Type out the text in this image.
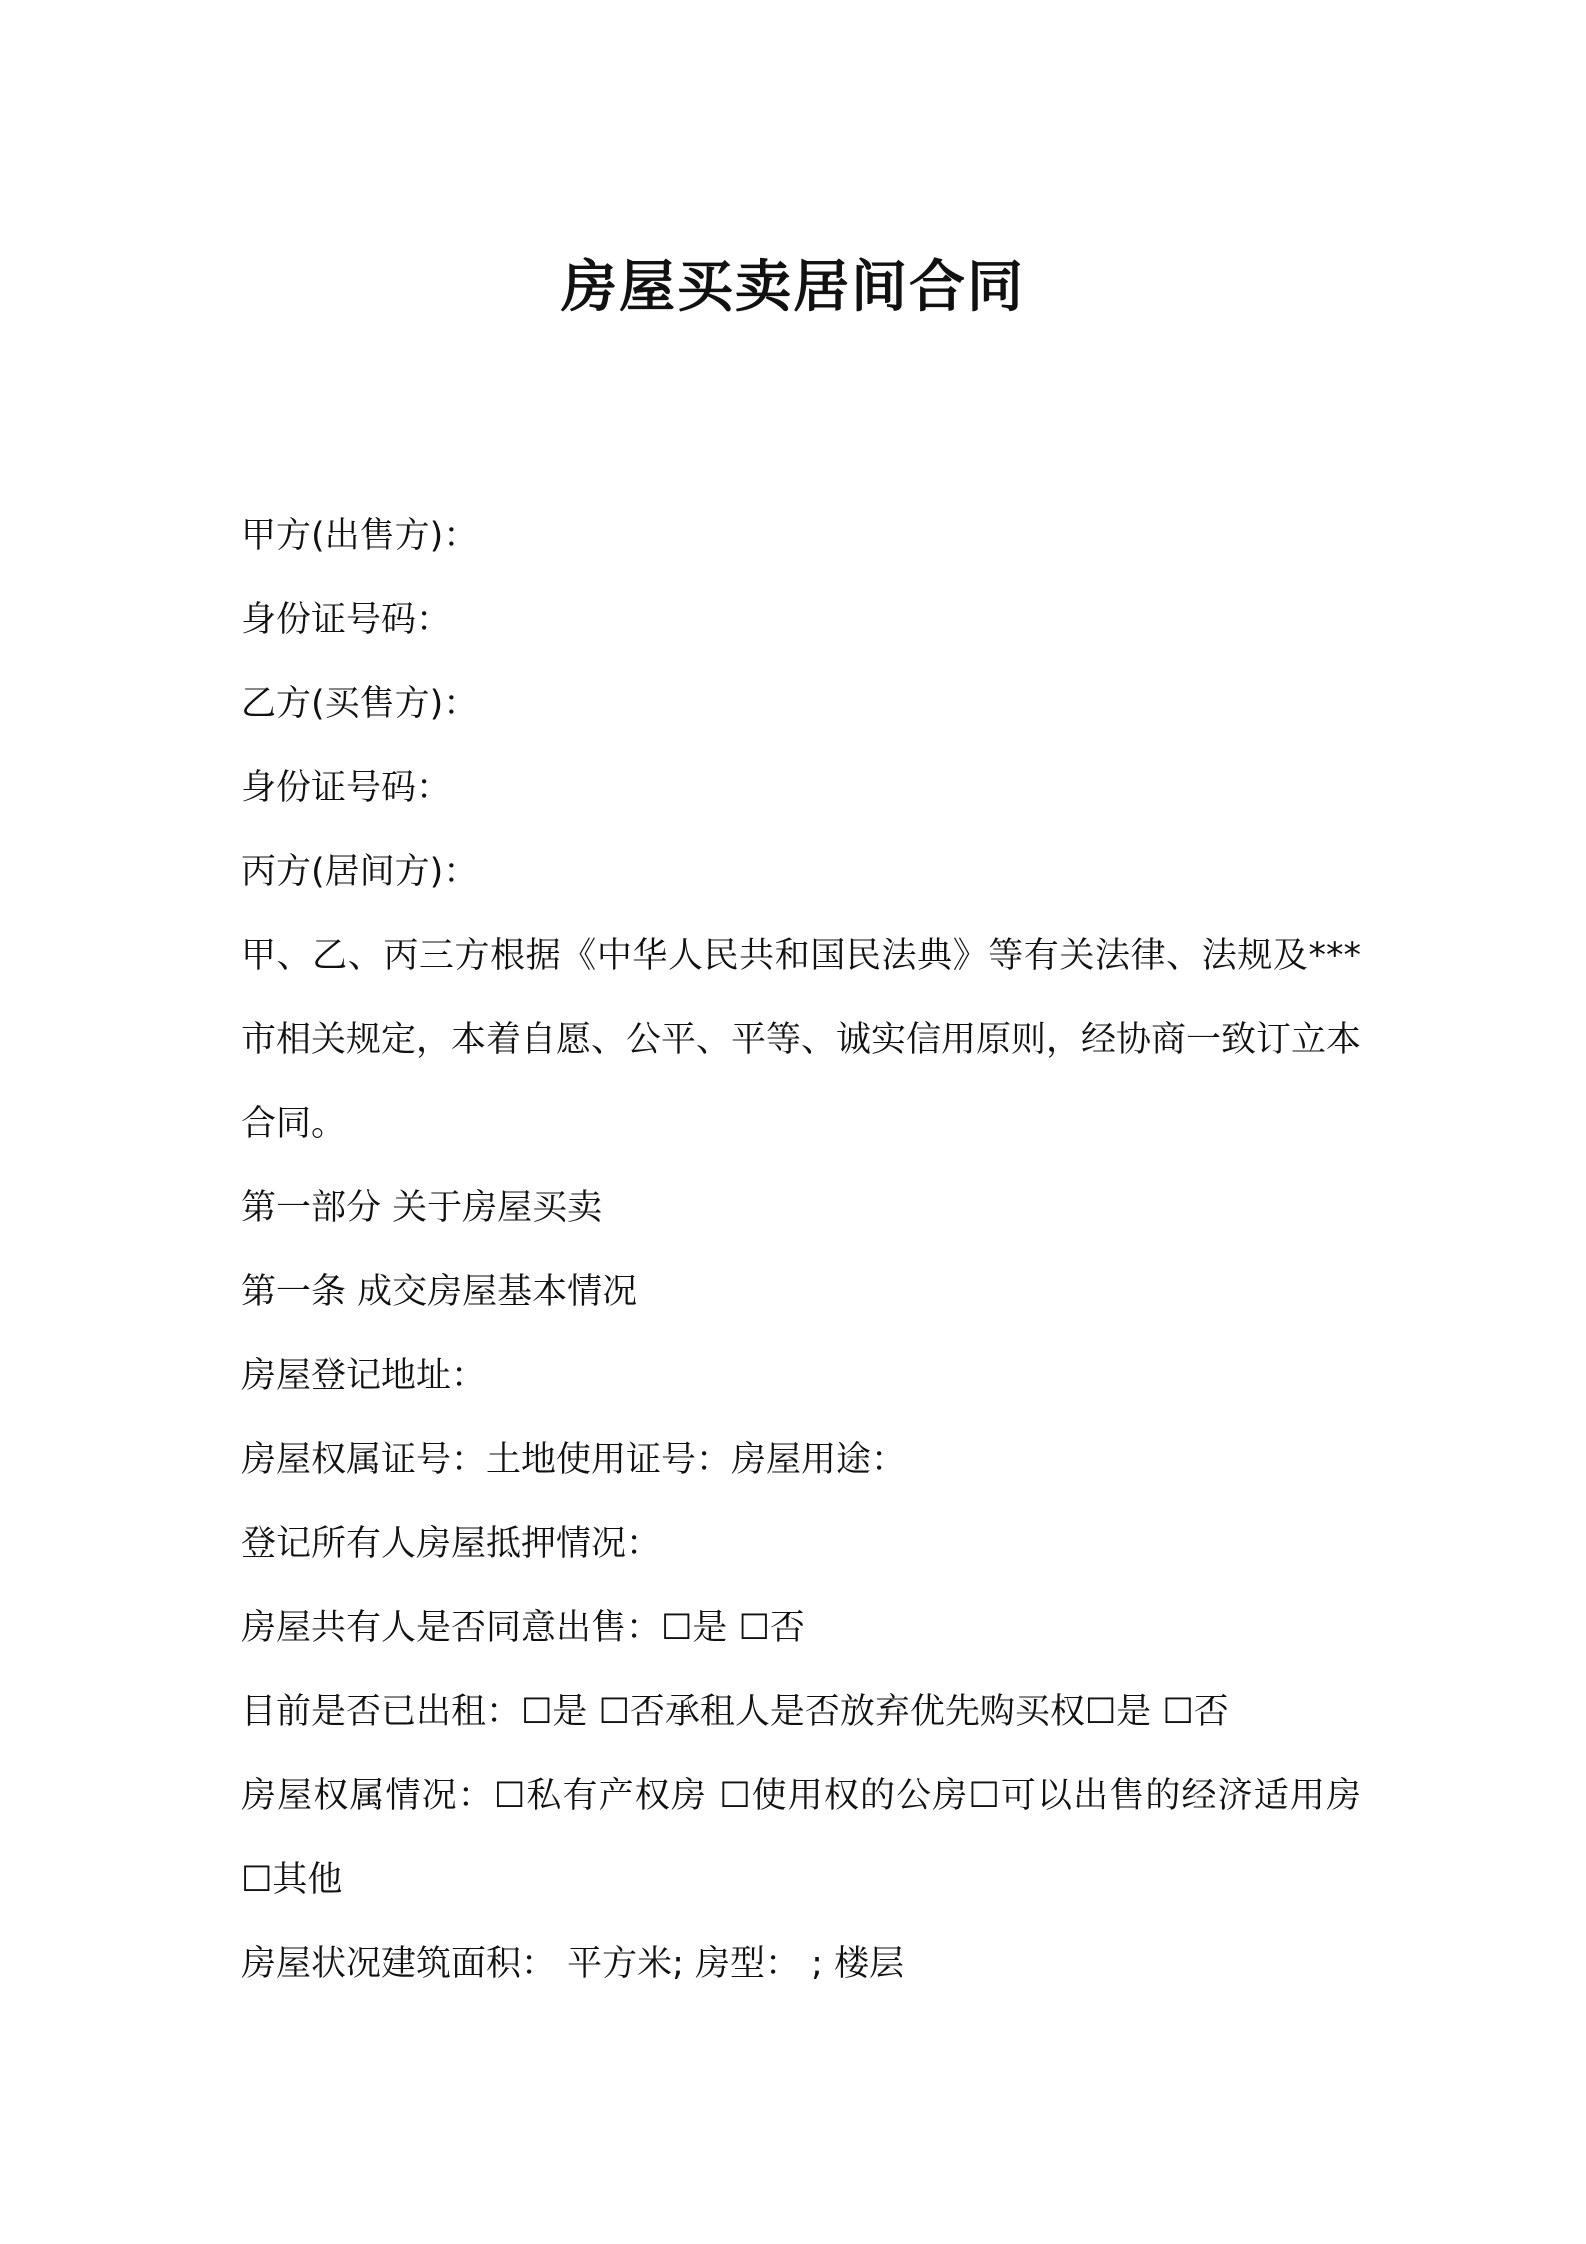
房屋买卖居间合同

甲方(出售方)：

身份证号码：

乙方(买售方)：

身份证号码：

丙方(居间方)：

甲、乙、丙三方根据《中华人民共和国民法典》等有关法律、法规及***市相关规定，本着自愿、公平、平等、诚实信用原则，经协商一致订立本合同。

第一部分 关于房屋买卖

第一条 成交房屋基本情况

房屋登记地址：

房屋权属证号：土地使用证号：房屋用途：

登记所有人房屋抵押情况：

房屋共有人是否同意出售：☐是 ☐否

目前是否已出租：☐是 ☐否承租人是否放弃优先购买权☐是 ☐否

房屋权属情况：☐私有产权房 ☐使用权的公房☐可以出售的经济适用房 ☐其他

房屋状况建筑面积： 平方米; 房型： ; 楼层
